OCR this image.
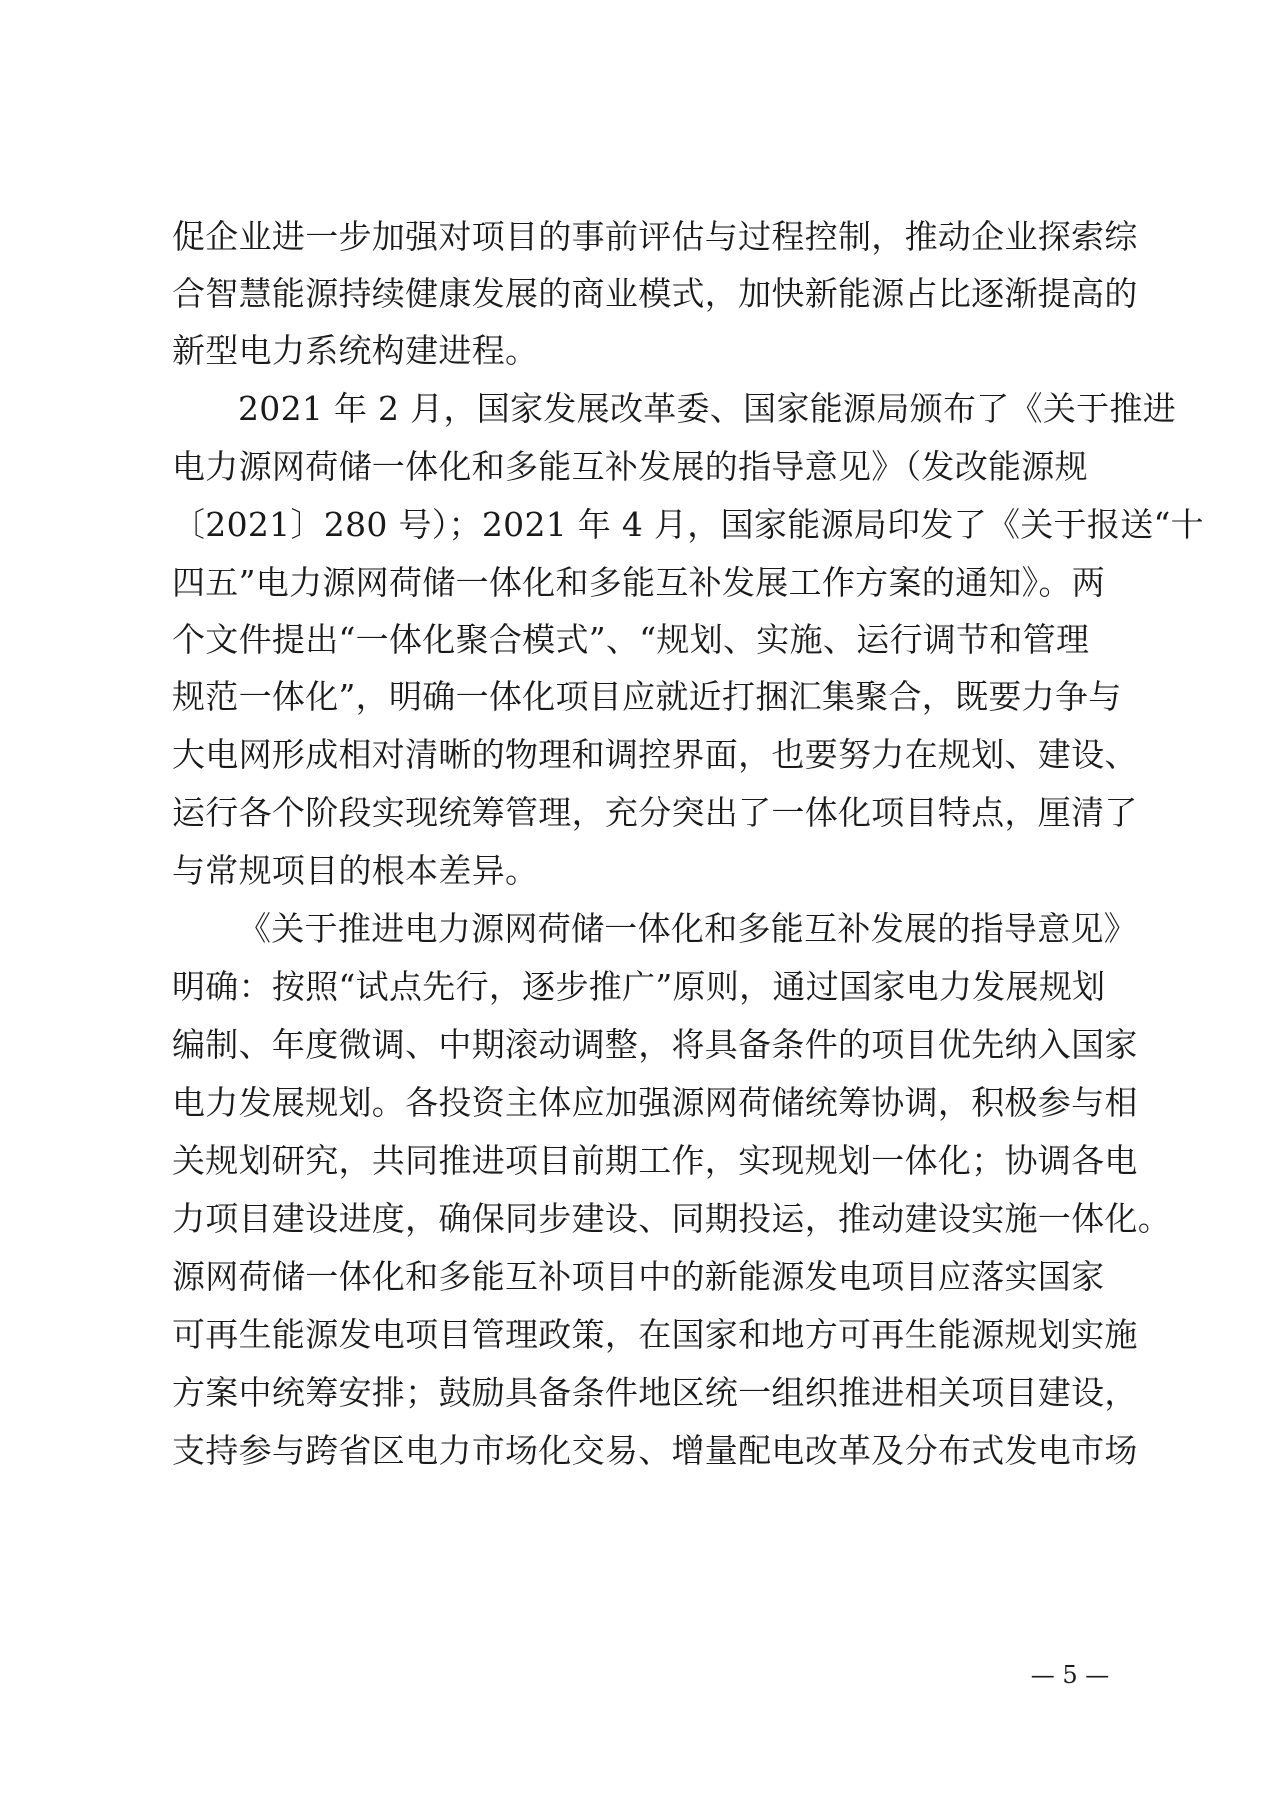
促企业进一步加强对项目的事前评估与过程控制，推动企业探索综
合智慧能源持续健康发展的商业模式，加快新能源占比逐渐提高的
新型电力系统构建进程。
2021 年 2 月，国家发展改革委、国家能源局颁布了《关于推进
电力源网荷储一体化和多能互补发展的指导意见》（发改能源规
〔2021〕280 号）；2021 年 4 月，国家能源局印发了《关于报送“十
四五”电力源网荷储一体化和多能互补发展工作方案的通知》。两
个文件提出“一体化聚合模式”、“规划、实施、运行调节和管理
规范一体化”，明确一体化项目应就近打捆汇集聚合，既要力争与
大电网形成相对清晰的物理和调控界面，也要努力在规划、建设、
运行各个阶段实现统筹管理，充分突出了一体化项目特点，厘清了
与常规项目的根本差异。
《关于推进电力源网荷储一体化和多能互补发展的指导意见》
明确：按照“试点先行，逐步推广”原则，通过国家电力发展规划
编制、年度微调、中期滚动调整，将具备条件的项目优先纳入国家
电力发展规划。各投资主体应加强源网荷储统筹协调，积极参与相
关规划研究，共同推进项目前期工作，实现规划一体化；协调各电
力项目建设进度，确保同步建设、同期投运，推动建设实施一体化。
源网荷储一体化和多能互补项目中的新能源发电项目应落实国家
可再生能源发电项目管理政策，在国家和地方可再生能源规划实施
方案中统筹安排；鼓励具备条件地区统一组织推进相关项目建设，
支持参与跨省区电力市场化交易、增量配电改革及分布式发电市场
— 5 —
